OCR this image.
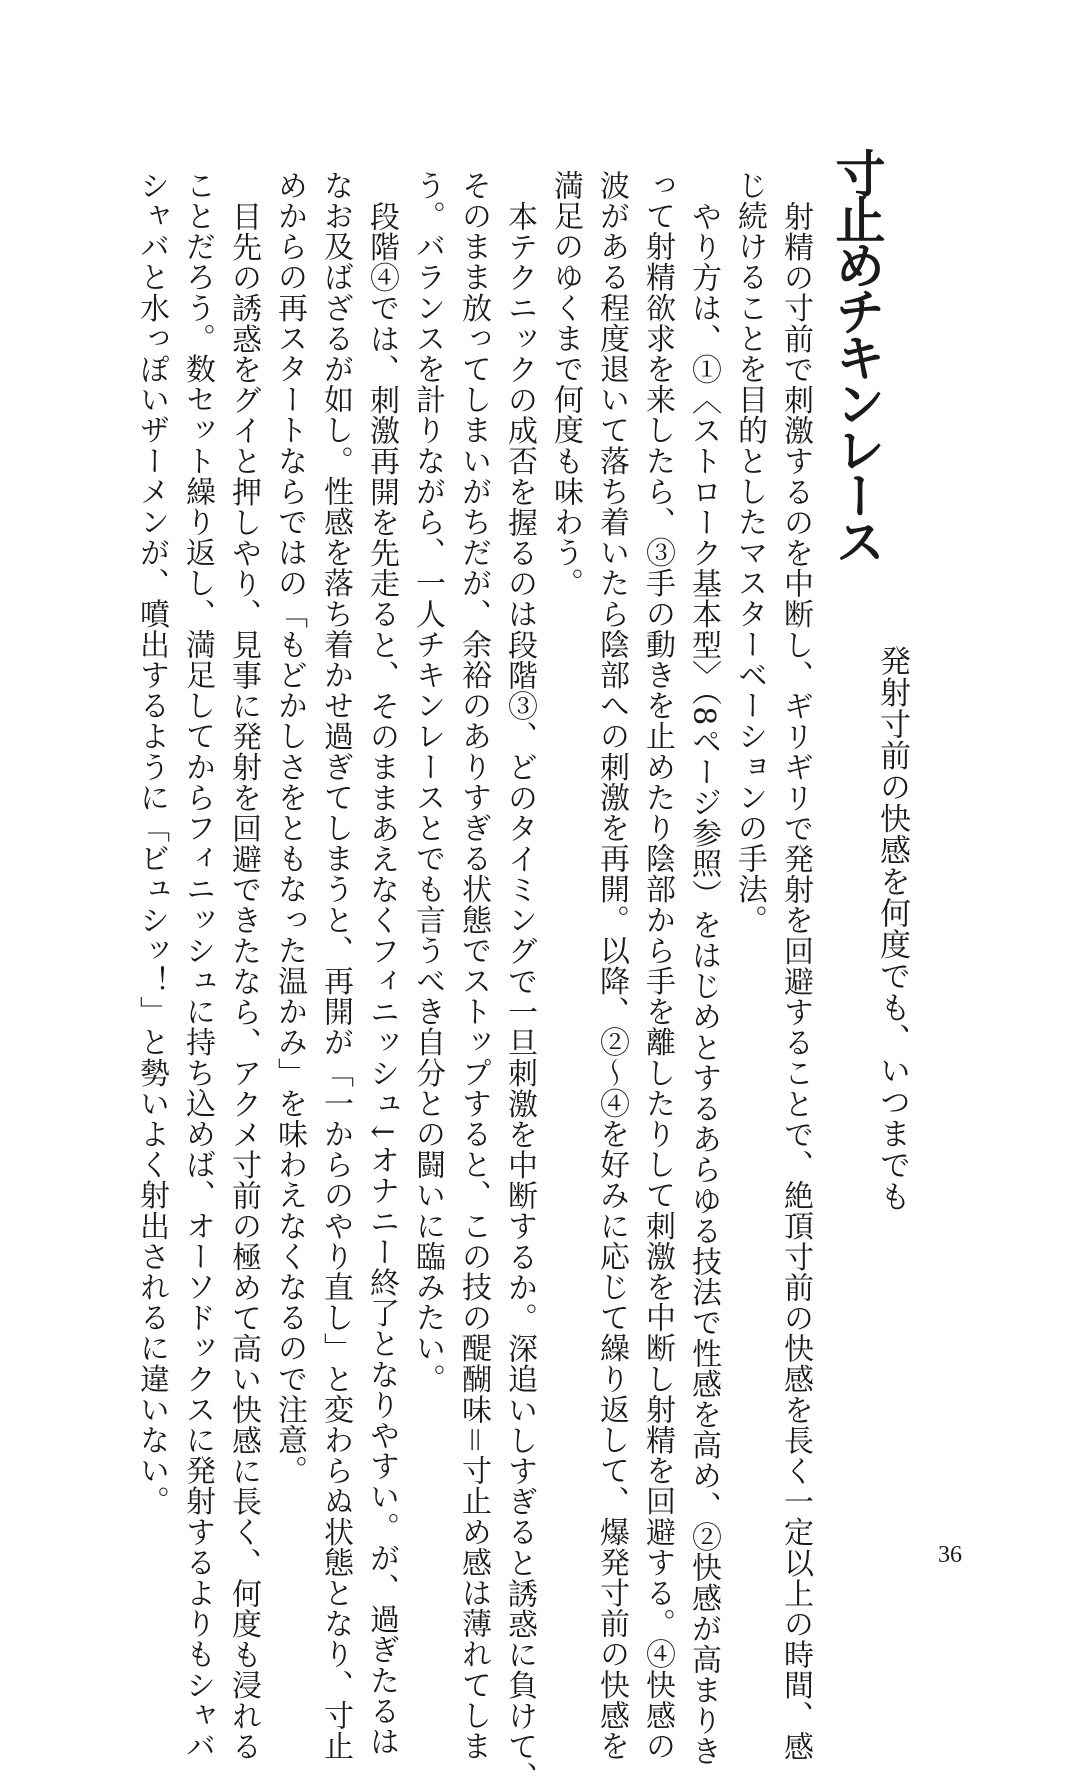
寸止めチキンレース
発射寸前の快感を何度でも、いつまでも
射精の寸前で刺激するのを中断し、ギリギリで発射を回避することで、絶頂寸前の快感を長く一定以上の時間、感
じ続けることを目的としたマスターベーションの手法。
やり方は、①〈ストローク基本型〉（8ページ参照）をはじめとするあらゆる技法で性感を高め、②快感が高まりき
って射精欲求を来したら、③手の動きを止めたり陰部から手を離したりして刺激を中断し射精を回避する。④快感の
波がある程度退いて落ち着いたら陰部への刺激を再開。以降、②～④を好みに応じて繰り返して、爆発寸前の快感を
満足のゆくまで何度も味わう。
本テクニックの成否を握るのは段階③、どのタイミングで一旦刺激を中断するか。深追いしすぎると誘惑に負けて、
そのまま放ってしまいがちだが、余裕のありすぎる状態でストップすると、この技の醍醐味＝寸止め感は薄れてしま
う。バランスを計りながら、一人チキンレースとでも言うべき自分との闘いに臨みたい。
段階④では、刺激再開を先走ると、そのままあえなくフィニッシュ↓オナニー終了となりやすい。が、過ぎたるは
なお及ばざるが如し。性感を落ち着かせ過ぎてしまうと、再開が「一からのやり直し」と変わらぬ状態となり、寸止
めからの再スタートならではの「もどかしさをともなった温かみ」を味わえなくなるので注意。
目先の誘惑をグイと押しやり、見事に発射を回避できたなら、アクメ寸前の極めて高い快感に長く、何度も浸れる
ことだろう。数セット繰り返し、満足してからフィニッシュに持ち込めば、オーソドックスに発射するよりもシャバ
シャバと水っぽいザーメンが、噴出するように「ビュシッ！」と勢いよく射出されるに違いない。
36
